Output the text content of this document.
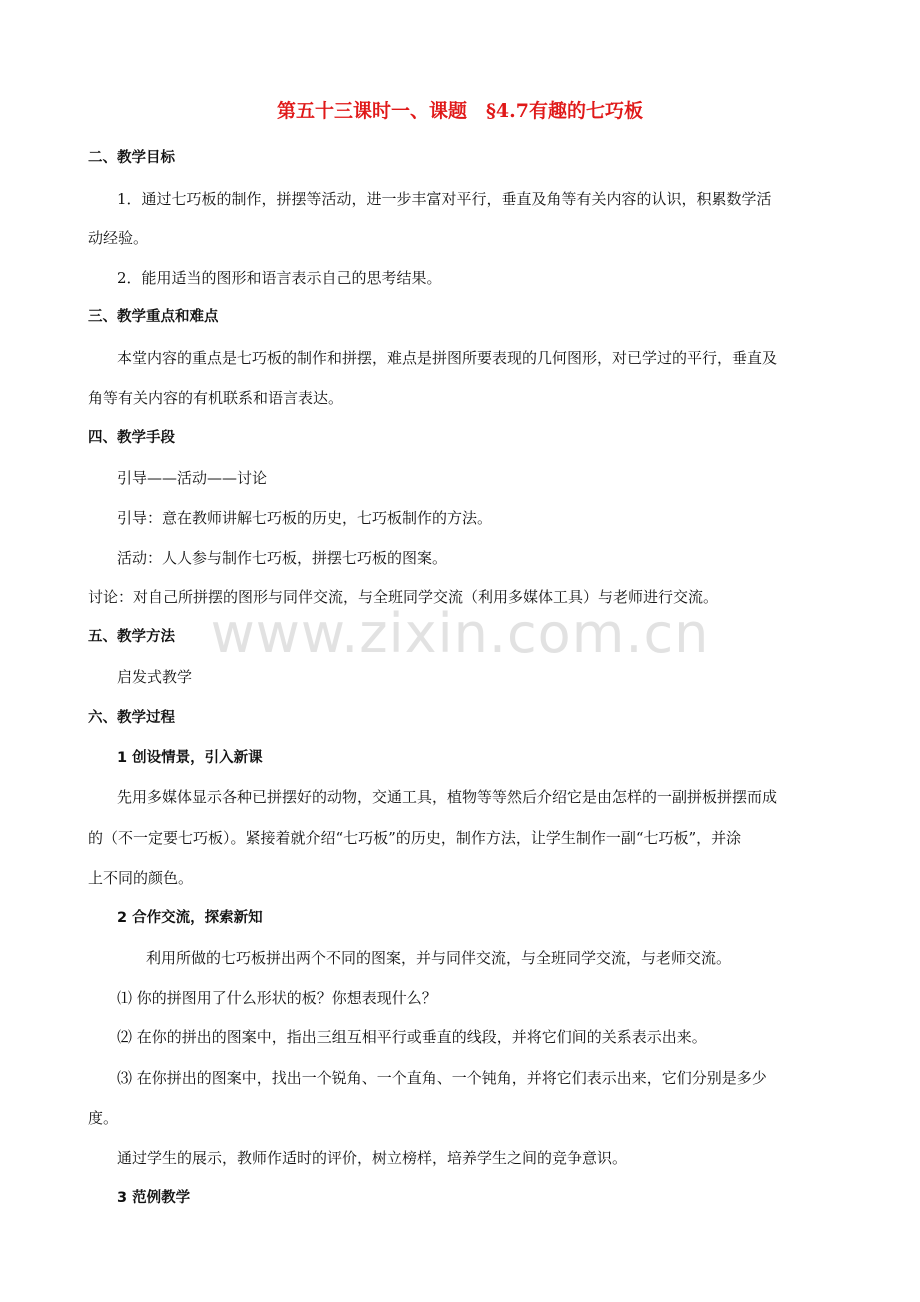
www.zixin.com.cn
第五十三课时一、课题　§4.7有趣的七巧板
二、教学目标
1．通过七巧板的制作，拼摆等活动，进一步丰富对平行，垂直及角等有关内容的认识，积累数学活
动经验。
2．能用适当的图形和语言表示自己的思考结果。
三、教学重点和难点
本堂内容的重点是七巧板的制作和拼摆，难点是拼图所要表现的几何图形，对已学过的平行，垂直及
角等有关内容的有机联系和语言表达。
四、教学手段
引导——活动——讨论
引导：意在教师讲解七巧板的历史，七巧板制作的方法。
活动：人人参与制作七巧板，拼摆七巧板的图案。
讨论：对自己所拼摆的图形与同伴交流，与全班同学交流（利用多媒体工具）与老师进行交流。
五、教学方法
启发式教学
六、教学过程
1 创设情景，引入新课
先用多媒体显示各种已拼摆好的动物，交通工具，植物等等然后介绍它是由怎样的一副拼板拼摆而成
的（不一定要七巧板）。紧接着就介绍“七巧板”的历史，制作方法，让学生制作一副“七巧板”，并涂
上不同的颜色。
2 合作交流，探索新知
利用所做的七巧板拼出两个不同的图案，并与同伴交流，与全班同学交流，与老师交流。
⑴ 你的拼图用了什么形状的板？你想表现什么？
⑵ 在你的拼出的图案中，指出三组互相平行或垂直的线段，并将它们间的关系表示出来。
⑶ 在你拼出的图案中，找出一个锐角、一个直角、一个钝角，并将它们表示出来，它们分别是多少
度。
通过学生的展示，教师作适时的评价，树立榜样，培养学生之间的竞争意识。
3 范例教学
